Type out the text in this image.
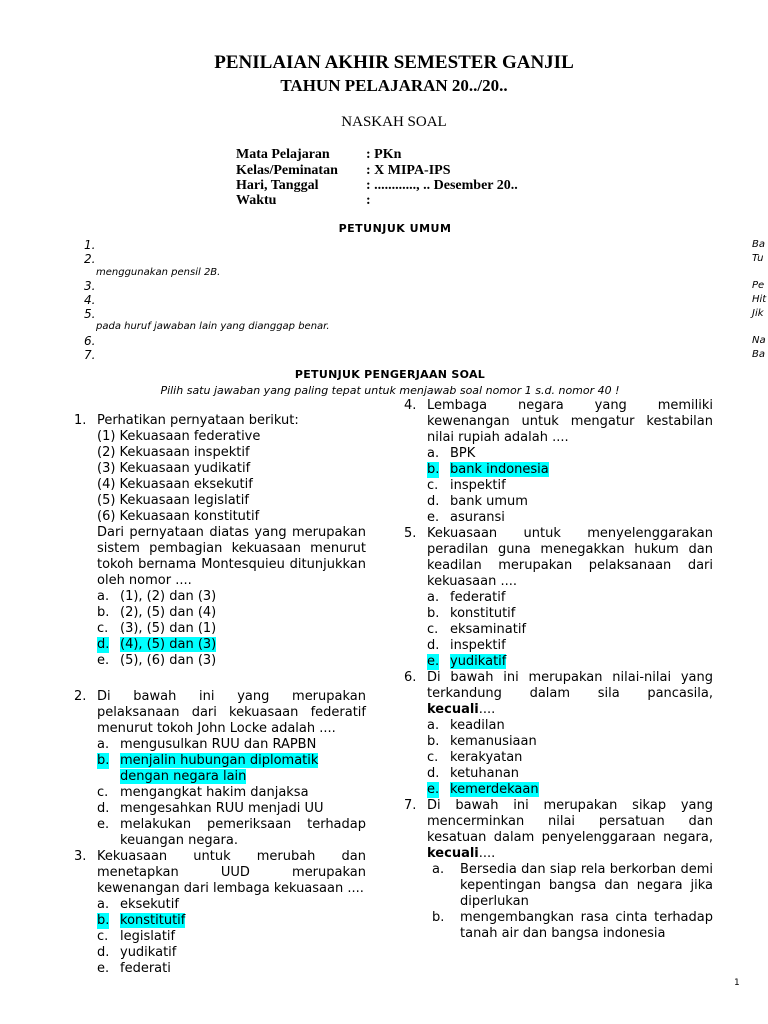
PENILAIAN AKHIR SEMESTER GANJIL
TAHUN PELAJARAN 20../20..
NASKAH SOAL
Mata Pelajaran	: PKn
Kelas/Peminatan : X MIPA-IPS
Hari, Tanggal	: ............, .. Desember 20..
Waktu	:
PETUNJUK UMUM
1.
2.
menggunakan pensil 2B.
3.
4.
5.
pada huruf jawaban lain yang dianggap benar.
6.
7.
Ba
Tu
Pe
Hit
Jik
Na
Ba
PETUNJUK PENGERJAAN SOAL
Pilih satu jawaban yang paling tepat untuk menjawab soal nomor 1 s.d. nomor 40 !
1. Perhatikan pernyataan berikut:
(1) Kekuasaan federative
(2) Kekuasaan inspektif
(3) Kekuasaan yudikatif
(4) Kekuasaan eksekutif
(5) Kekuasaan legislatif
(6) Kekuasaan konstitutif
Dari pernyataan diatas yang merupakan sistem pembagian kekuasaan menurut tokoh bernama Montesquieu ditunjukkan oleh nomor ....
a. (1), (2) dan (3)
b. (2), (5) dan (4)
c. (3), (5) dan (1)
d. (4), (5) dan (3)
e. (5), (6) dan (3)
2. Di bawah ini yang merupakan pelaksanaan dari kekuasaan federatif menurut tokoh John Locke adalah ....
a. mengusulkan RUU dan RAPBN
b. menjalin hubungan diplomatik dengan negara lain
c. mengangkat hakim danjaksa
d. mengesahkan RUU menjadi UU
e. melakukan pemeriksaan terhadap keuangan negara.
3. Kekuasaan untuk merubah dan menetapkan UUD merupakan kewenangan dari lembaga kekuasaan ....
a. eksekutif
b. konstitutif
c. legislatif
d. yudikatif
e. federati
4. Lembaga negara yang memiliki kewenangan untuk mengatur kestabilan nilai rupiah adalah ....
a. BPK
b. bank indonesia
c. inspektif
d. bank umum
e. asuransi
5. Kekuasaan untuk menyelenggarakan peradilan guna menegakkan hukum dan keadilan merupakan pelaksanaan dari kekuasaan ....
a. federatif
b. konstitutif
c. eksaminatif
d. inspektif
e. yudikatif
6. Di bawah ini merupakan nilai-nilai yang terkandung dalam sila pancasila, kecuali....
a. keadilan
b. kemanusiaan
c. kerakyatan
d. ketuhanan
e. kemerdekaan
7. Di bawah ini merupakan sikap yang mencerminkan nilai persatuan dan kesatuan dalam penyelenggaraan negara, kecuali....
a. Bersedia dan siap rela berkorban demi kepentingan bangsa dan negara jika diperlukan
b. mengembangkan rasa cinta terhadap tanah air dan bangsa indonesia
1
